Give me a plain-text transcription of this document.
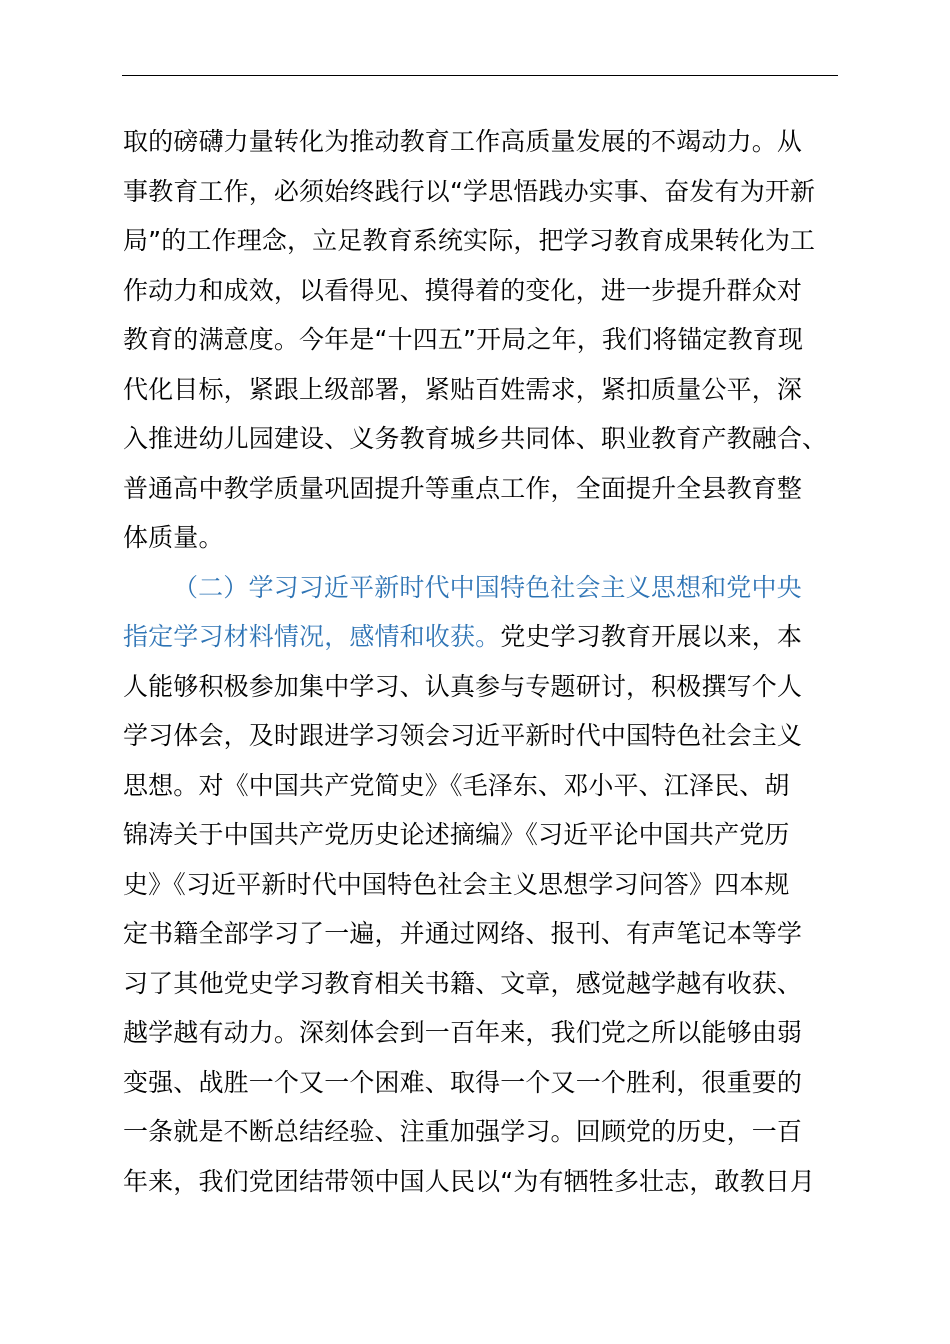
取的磅礴力量转化为推动教育工作高质量发展的不竭动力。从
事教育工作，必须始终践行以“学思悟践办实事、奋发有为开新
局”的工作理念，立足教育系统实际，把学习教育成果转化为工
作动力和成效，以看得见、摸得着的变化，进一步提升群众对
教育的满意度。今年是“十四五”开局之年，我们将锚定教育现
代化目标，紧跟上级部署，紧贴百姓需求，紧扣质量公平，深
入推进幼儿园建设、义务教育城乡共同体、职业教育产教融合、
普通高中教学质量巩固提升等重点工作，全面提升全县教育整
体质量。
（二）学习习近平新时代中国特色社会主义思想和党中央
指定学习材料情况，感情和收获。党史学习教育开展以来，本
人能够积极参加集中学习、认真参与专题研讨，积极撰写个人
学习体会，及时跟进学习领会习近平新时代中国特色社会主义
思想。对《中国共产党简史》《毛泽东、邓小平、江泽民、胡
锦涛关于中国共产党历史论述摘编》《习近平论中国共产党历
史》《习近平新时代中国特色社会主义思想学习问答》四本规
定书籍全部学习了一遍，并通过网络、报刊、有声笔记本等学
习了其他党史学习教育相关书籍、文章，感觉越学越有收获、
越学越有动力。深刻体会到一百年来，我们党之所以能够由弱
变强、战胜一个又一个困难、取得一个又一个胜利，很重要的
一条就是不断总结经验、注重加强学习。回顾党的历史，一百
年来，我们党团结带领中国人民以“为有牺牲多壮志，敢教日月
